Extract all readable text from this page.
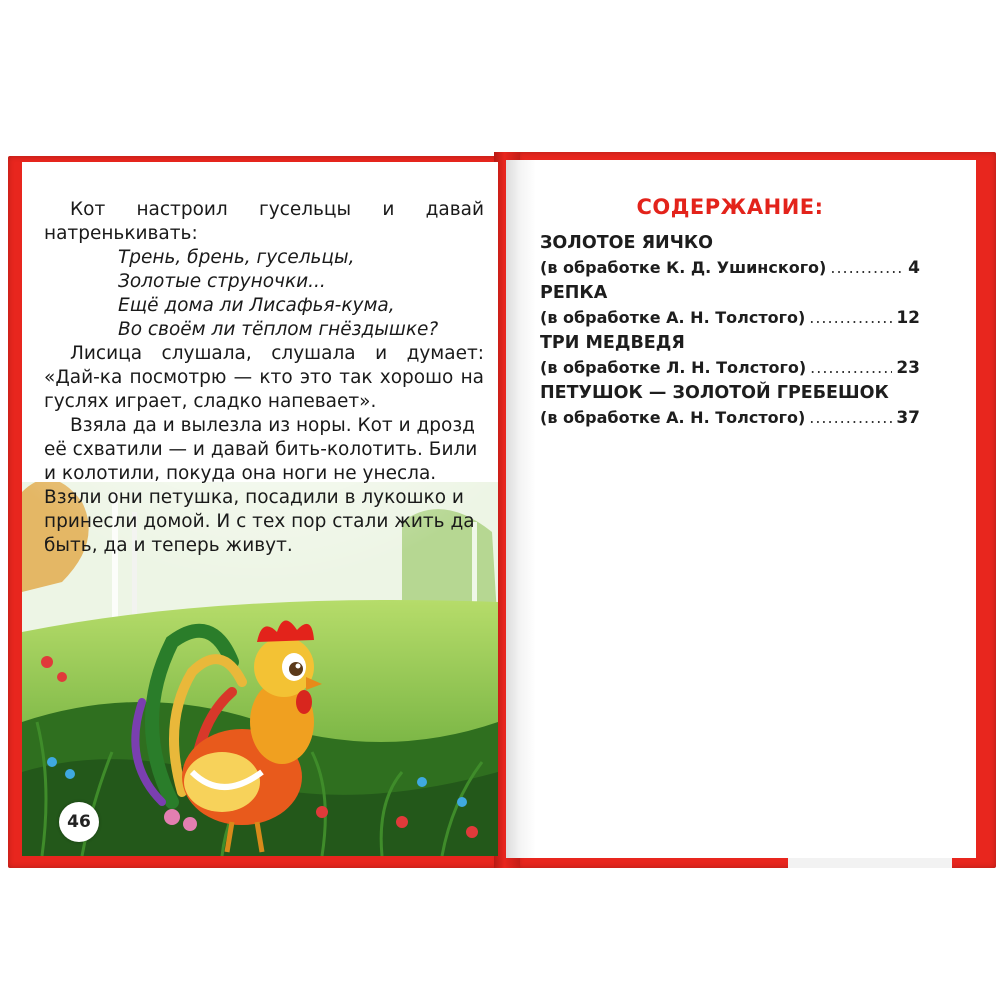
Кот настроил гусельцы и давай натренькивать:

Трень, брень, гусельцы,

Золотые струночки...

Ещё дома ли Лисафья-кума,

Во своём ли тёплом гнёздышке?

Лисица слушала, слушала и думает: «Дай-ка посмотрю — кто это так хорошо на гуслях играет, сладко напевает».

Взяла да и вылезла из норы. Кот и дрозд её схватили — и давай бить-колотить. Били и колотили, покуда она ноги не унесла. Взяли они петушка, посадили в лукошко и принесли домой. И с тех пор стали жить да быть, да и теперь живут.

46
СОДЕРЖАНИЕ:
ЗОЛОТОЕ ЯИЧКО
(в обработке К. Д. Ушинского) .....	4
РЕПКА
(в обработке А. Н. Толстого) .....	12
ТРИ МЕДВЕДЯ
(в обработке Л. Н. Толстого) .....	23
ПЕТУШОК — ЗОЛОТОЙ ГРЕБЕШОК
(в обработке А. Н. Толстого) .....	37
